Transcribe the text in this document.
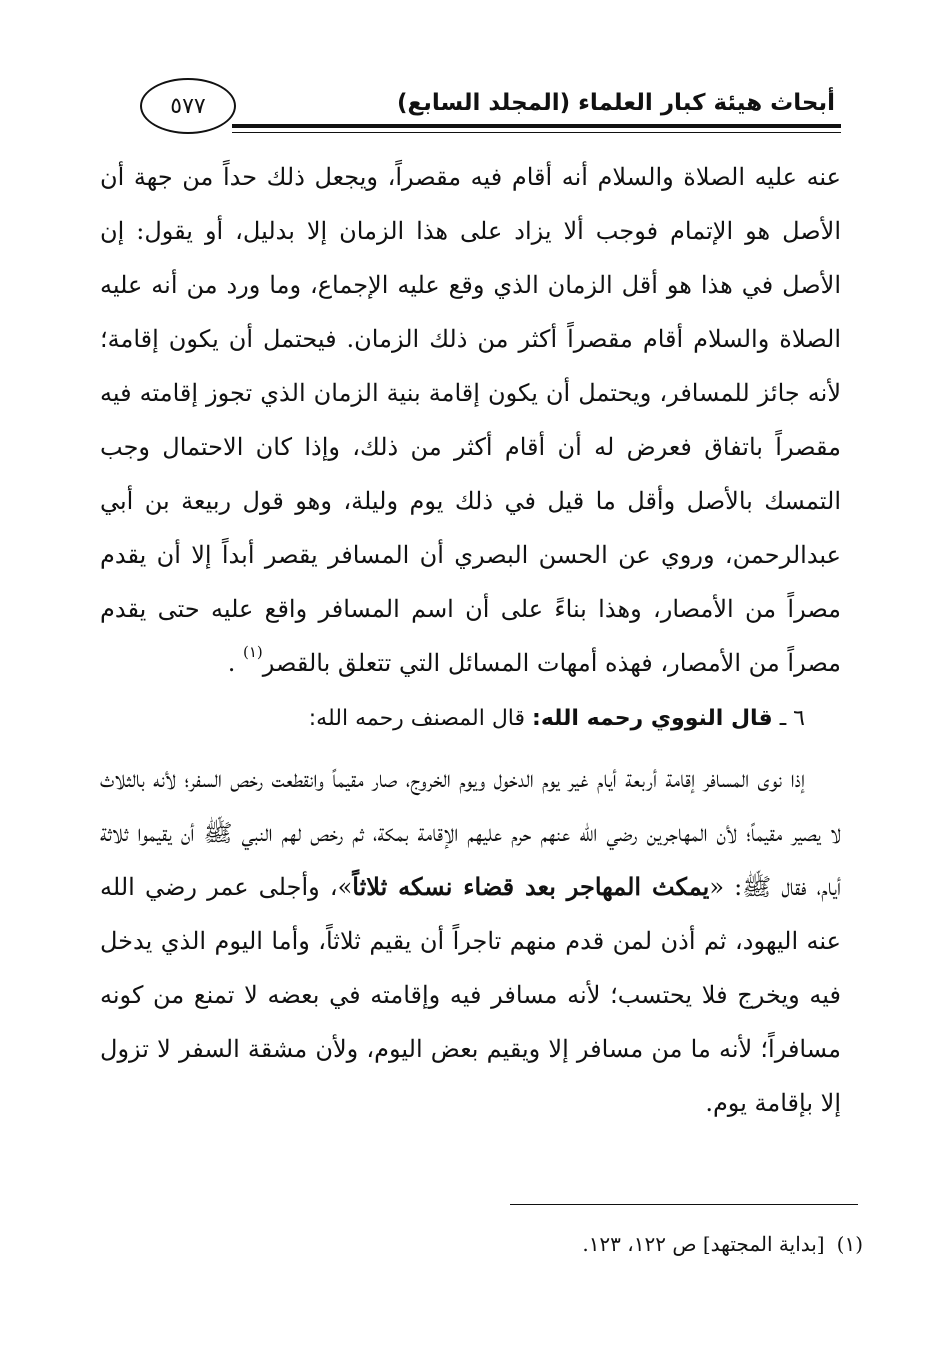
٥٧٧	أبحاث هيئة كبار العلماء (المجلد السابع)

عنه عليه الصلاة والسلام أنه أقام فيه مقصراً، ويجعل ذلك حداً من جهة أن الأصل هو الإتمام فوجب ألا يزاد على هذا الزمان إلا بدليل، أو يقول: إن الأصل في هذا هو أقل الزمان الذي وقع عليه الإجماع، وما ورد من أنه عليه الصلاة والسلام أقام مقصراً أكثر من ذلك الزمان. فيحتمل أن يكون إقامة؛ لأنه جائز للمسافر، ويحتمل أن يكون إقامة بنية الزمان الذي تجوز إقامته فيه مقصراً باتفاق فعرض له أن أقام أكثر من ذلك، وإذا كان الاحتمال وجب التمسك بالأصل وأقل ما قيل في ذلك يوم وليلة، وهو قول ربيعة بن أبي عبدالرحمن، وروي عن الحسن البصري أن المسافر يقصر أبداً إلا أن يقدم مصراً من الأمصار، وهذا بناءً على أن اسم المسافر واقع عليه حتى يقدم مصراً من الأمصار، فهذه أمهات المسائل التي تتعلق بالقصر$^{(١)}$ .

٦ ـ قال النووي رحمه الله: قال المصنف رحمه الله:

إذا نوى المسافر إقامة أربعة أيام غير يوم الدخول ويوم الخروج، صار مقيماً وانقطعت رخص السفر؛ لأنه بالثلاث لا يصير مقيماً؛ لأن المهاجرين رضي الله عنهم حرم عليهم الإقامة بمكة، ثم رخص لهم النبي ﷺ أن يقيموا ثلاثة أيام، فقال ﷺ: «يمكث المهاجر بعد قضاء نسكه ثلاثاً»، وأجلى عمر رضي الله عنه اليهود، ثم أذن لمن قدم منهم تاجراً أن يقيم ثلاثاً، وأما اليوم الذي يدخل فيه ويخرج فلا يحتسب؛ لأنه مسافر فيه وإقامته في بعضه لا تمنع من كونه مسافراً؛ لأنه ما من مسافر إلا ويقيم بعض اليوم، ولأن مشقة السفر لا تزول إلا بإقامة يوم.

(١)[بداية المجتهد] ص ١٢٢، ١٢٣.
